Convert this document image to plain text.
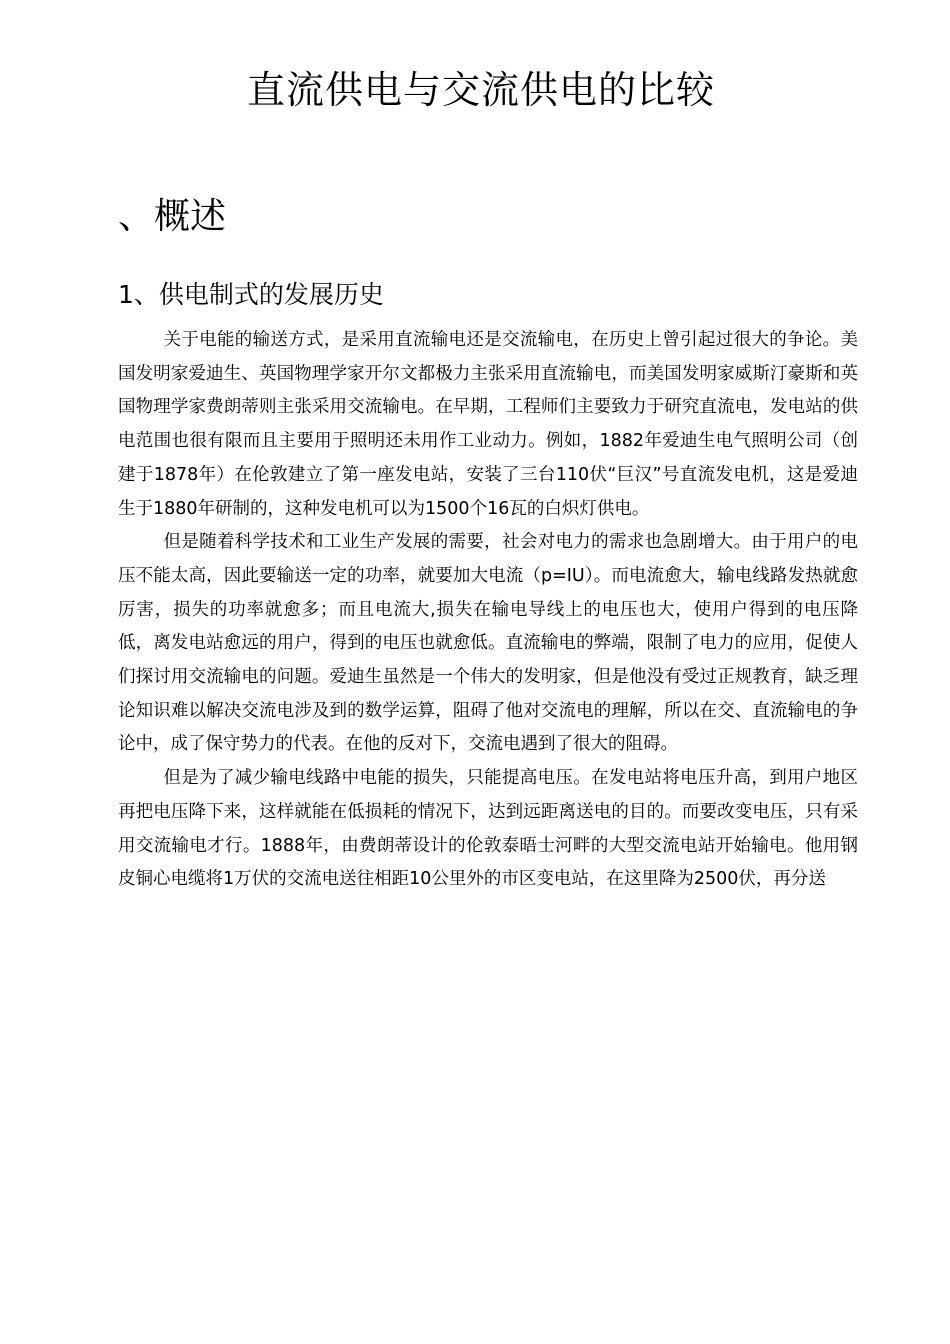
直流供电与交流供电的比较
、概述
1、供电制式的发展历史

关于电能的输送方式，是采用直流输电还是交流输电，在历史上曾引起过很大的争论。美国发明家爱迪生、英国物理学家开尔文都极力主张采用直流输电，而美国发明家威斯汀豪斯和英国物理学家费朗蒂则主张采用交流输电。在早期，工程师们主要致力于研究直流电，发电站的供电范围也很有限而且主要用于照明还未用作工业动力。例如，1882年爱迪生电气照明公司（创建于1878年）在伦敦建立了第一座发电站，安装了三台110伏“巨汉”号直流发电机，这是爱迪生于1880年研制的，这种发电机可以为1500个16瓦的白炽灯供电。

但是随着科学技术和工业生产发展的需要，社会对电力的需求也急剧增大。由于用户的电压不能太高，因此要输送一定的功率，就要加大电流（p=IU）。而电流愈大，输电线路发热就愈厉害，损失的功率就愈多；而且电流大,损失在输电导线上的电压也大，使用户得到的电压降低，离发电站愈远的用户，得到的电压也就愈低。直流输电的弊端，限制了电力的应用，促使人们探讨用交流输电的问题。爱迪生虽然是一个伟大的发明家，但是他没有受过正规教育，缺乏理论知识难以解决交流电涉及到的数学运算，阻碍了他对交流电的理解，所以在交、直流输电的争论中，成了保守势力的代表。在他的反对下，交流电遇到了很大的阻碍。

但是为了减少输电线路中电能的损失，只能提高电压。在发电站将电压升高，到用户地区再把电压降下来，这样就能在低损耗的情况下，达到远距离送电的目的。而要改变电压，只有采用交流输电才行。1888年，由费朗蒂设计的伦敦泰晤士河畔的大型交流电站开始输电。他用钢皮铜心电缆将1万伏的交流电送往相距10公里外的市区变电站，在这里降为2500伏，再分送
